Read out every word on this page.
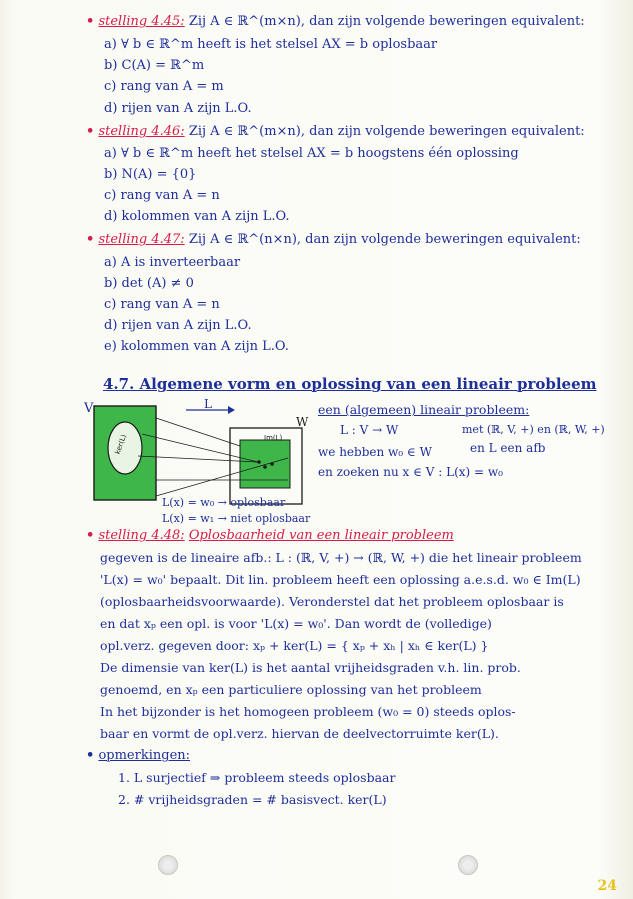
• stelling 4.45: Zij A ∈ ℝ^(m×n), dan zijn volgende beweringen equivalent:
a) ∀ b ∈ ℝ^m heeft is het stelsel AX = b oplosbaar
b) C(A) = ℝ^m
c) rang van A = m
d) rijen van A zijn L.O.
• stelling 4.46: Zij A ∈ ℝ^(m×n), dan zijn volgende beweringen equivalent:
a) ∀ b ∈ ℝ^m heeft het stelsel AX = b hoogstens één oplossing
b) N(A) = {0}
c) rang van A = n
d) kolommen van A zijn L.O.
• stelling 4.47: Zij A ∈ ℝ^(n×n), dan zijn volgende beweringen equivalent:
a) A is inverteerbaar
b) det (A) ≠ 0
c) rang van A = n
d) rijen van A zijn L.O.
e) kolommen van A zijn L.O.
4.7. Algemene vorm en oplossing van een lineair probleem
V
ker(L)
L
W
Im(L)
L(x) = w₀ → oplosbaar
L(x) = w₁ → niet oplosbaar
een (algemeen) lineair probleem:
L : V → W	met (ℝ, V, +) en (ℝ, W, +)
we hebben w₀ ∈ W	en L een afb
en zoeken nu x ∈ V : L(x) = w₀
• stelling 4.48: Oplosbaarheid van een lineair probleem
gegeven is de lineaire afb.: L : (ℝ, V, +) → (ℝ, W, +) die het lineair probleem
'L(x) = w₀' bepaalt. Dit lin. probleem heeft een oplossing a.e.s.d. w₀ ∈ Im(L)
(oplosbaarheidsvoorwaarde). Veronderstel dat het probleem oplosbaar is
en dat xₚ een opl. is voor 'L(x) = w₀'. Dan wordt de (volledige)
opl.verz. gegeven door: xₚ + ker(L) = { xₚ + xₕ | xₕ ∈ ker(L) }
De dimensie van ker(L) is het aantal vrijheidsgraden v.h. lin. prob.
genoemd, en xₚ een particuliere oplossing van het probleem
In het bijzonder is het homogeen probleem (w₀ = 0) steeds oplos-
baar en vormt de opl.verz. hiervan de deelvectorruimte ker(L).
• opmerkingen:
1. L surjectief ⇒ probleem steeds oplosbaar
2. # vrijheidsgraden = # basisvect. ker(L)
24
